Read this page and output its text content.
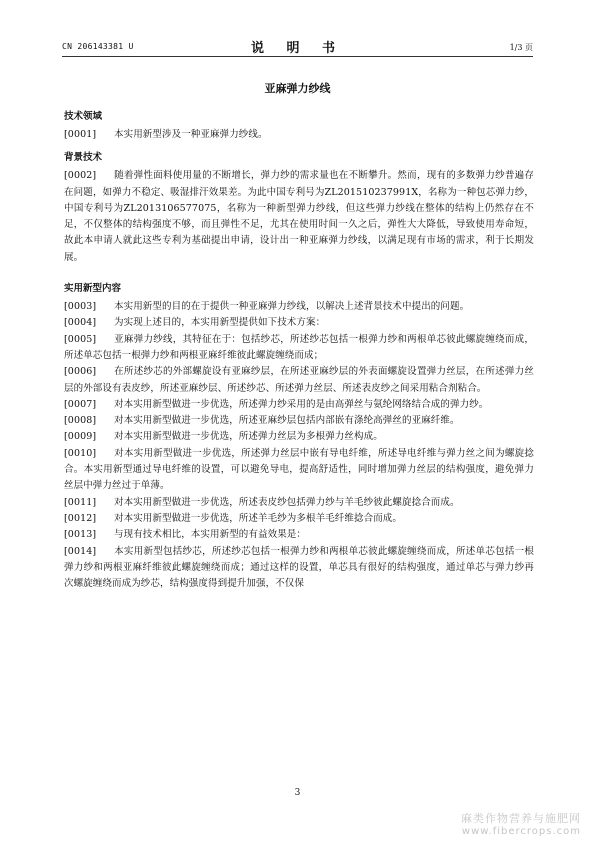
CN 206143381 U	说 明 书	1/3 页
亚麻弹力纱线
技术领域
[0001] 本实用新型涉及一种亚麻弹力纱线。
背景技术
[0002] 随着弹性面料使用量的不断增长，弹力纱的需求量也在不断攀升。然而，现有的多数弹力纱普遍存在问题，如弹力不稳定、吸湿排汗效果差。为此中国专利号为ZL201510237991X，名称为一种包芯弹力纱，中国专利号为ZL2013106577075，名称为一种新型弹力纱线，但这些弹力纱线在整体的结构上仍然存在不足，不仅整体的结构强度不够，而且弹性不足，尤其在使用时间一久之后，弹性大大降低，导致使用寿命短，故此本申请人就此这些专利为基础提出申请，设计出一种亚麻弹力纱线，以满足现有市场的需求，利于长期发展。
实用新型内容
[0003] 本实用新型的目的在于提供一种亚麻弹力纱线，以解决上述背景技术中提出的问题。
[0004] 为实现上述目的，本实用新型提供如下技术方案：
[0005] 亚麻弹力纱线，其特征在于：包括纱芯，所述纱芯包括一根弹力纱和两根单芯彼此螺旋缠绕而成，所述单芯包括一根弹力纱和两根亚麻纤维彼此螺旋缠绕而成；
[0006] 在所述纱芯的外部螺旋设有亚麻纱层，在所述亚麻纱层的外表面螺旋设置弹力丝层，在所述弹力丝层的外部设有表皮纱，所述亚麻纱层、所述纱芯、所述弹力丝层、所述表皮纱之间采用粘合剂粘合。
[0007] 对本实用新型做进一步优选，所述弹力纱采用的是由高弹丝与氨纶网络结合成的弹力纱。
[0008] 对本实用新型做进一步优选，所述亚麻纱层包括内部嵌有涤纶高弹丝的亚麻纤维。
[0009] 对本实用新型做进一步优选，所述弹力丝层为多根弹力丝构成。
[0010] 对本实用新型做进一步优选，所述弹力丝层中嵌有导电纤维，所述导电纤维与弹力丝之间为螺旋捻合。本实用新型通过导电纤维的设置，可以避免导电，提高舒适性，同时增加弹力丝层的结构强度，避免弹力丝层中弹力丝过于单薄。
[0011] 对本实用新型做进一步优选，所述表皮纱包括弹力纱与羊毛纱彼此螺旋捻合而成。
[0012] 对本实用新型做进一步优选，所述羊毛纱为多根羊毛纤维捻合而成。
[0013] 与现有技术相比，本实用新型的有益效果是：
[0014] 本实用新型包括纱芯，所述纱芯包括一根弹力纱和两根单芯彼此螺旋缠绕而成，所述单芯包括一根弹力纱和两根亚麻纤维彼此螺旋缠绕而成；通过这样的设置，单芯具有很好的结构强度，通过单芯与弹力纱再次螺旋缠绕而成为纱芯，结构强度得到提升加强，不仅保
3
麻类作物营养与施肥网
www.fibercrops.com
